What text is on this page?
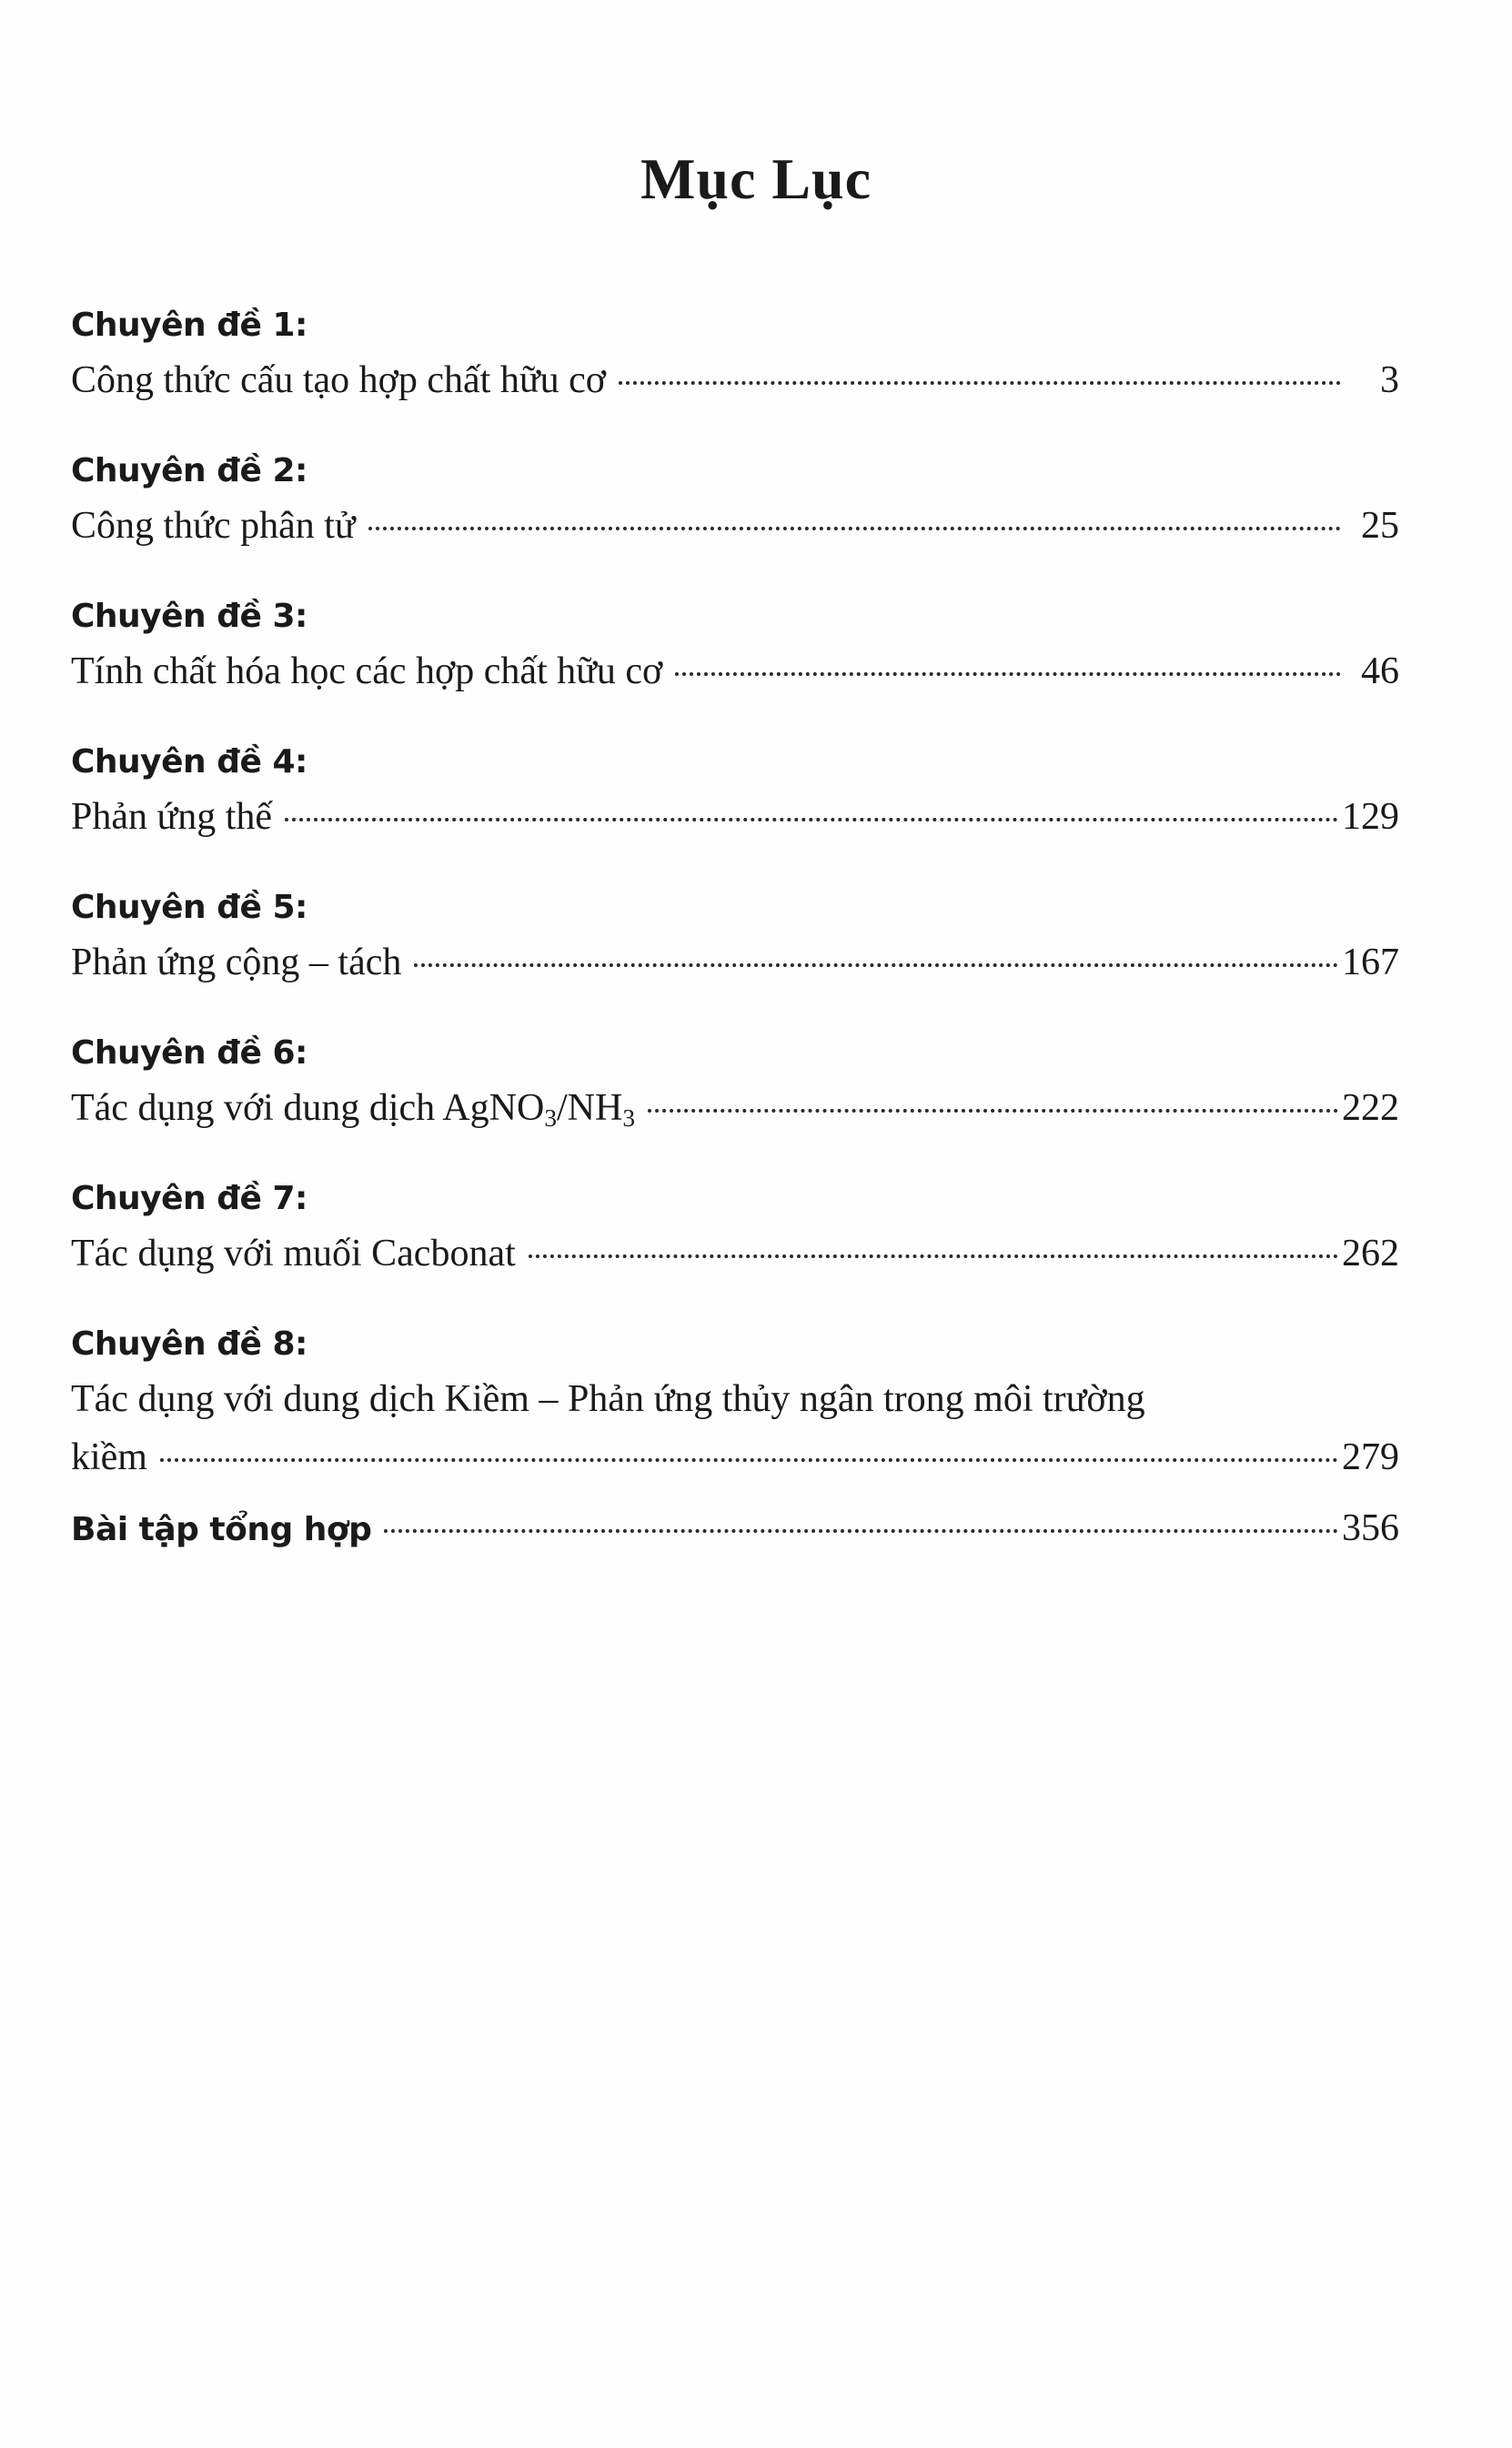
Mục Lục
Chuyên đề 1:
Công thức cấu tạo hợp chất hữu cơ	3
Chuyên đề 2:
Công thức phân tử	25
Chuyên đề 3:
Tính chất hóa học các hợp chất hữu cơ	46
Chuyên đề 4:
Phản ứng thế	129
Chuyên đề 5:
Phản ứng cộng – tách	167
Chuyên đề 6:
Tác dụng với dung dịch $AgNO_3/NH_3$	222
Chuyên đề 7:
Tác dụng với muối Cacbonat	262
Chuyên đề 8:
Tác dụng với dung dịch Kiềm – Phản ứng thủy ngân trong môi trường
kiềm	279
Bài tập tổng hợp	356
